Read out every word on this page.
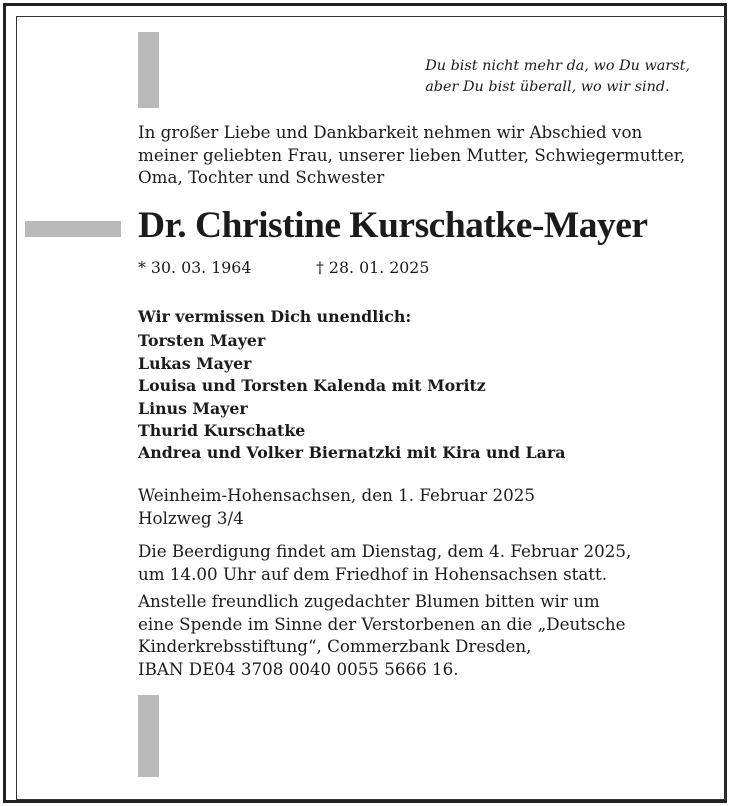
Du bist nicht mehr da, wo Du warst,
aber Du bist überall, wo wir sind.
In großer Liebe und Dankbarkeit nehmen wir Abschied von
meiner geliebten Frau, unserer lieben Mutter, Schwiegermutter,
Oma, Tochter und Schwester
Dr. Christine Kurschatke-Mayer
* 30. 03. 1964	† 28. 01. 2025
Wir vermissen Dich unendlich:
Torsten Mayer
Lukas Mayer
Louisa und Torsten Kalenda mit Moritz
Linus Mayer
Thurid Kurschatke
Andrea und Volker Biernatzki mit Kira und Lara
Weinheim-Hohensachsen, den 1. Februar 2025
Holzweg 3/4
Die Beerdigung findet am Dienstag, dem 4. Februar 2025,
um 14.00 Uhr auf dem Friedhof in Hohensachsen statt.
Anstelle freundlich zugedachter Blumen bitten wir um
eine Spende im Sinne der Verstorbenen an die „Deutsche
Kinderkrebsstiftung“, Commerzbank Dresden,
IBAN DE04 3708 0040 0055 5666 16.
